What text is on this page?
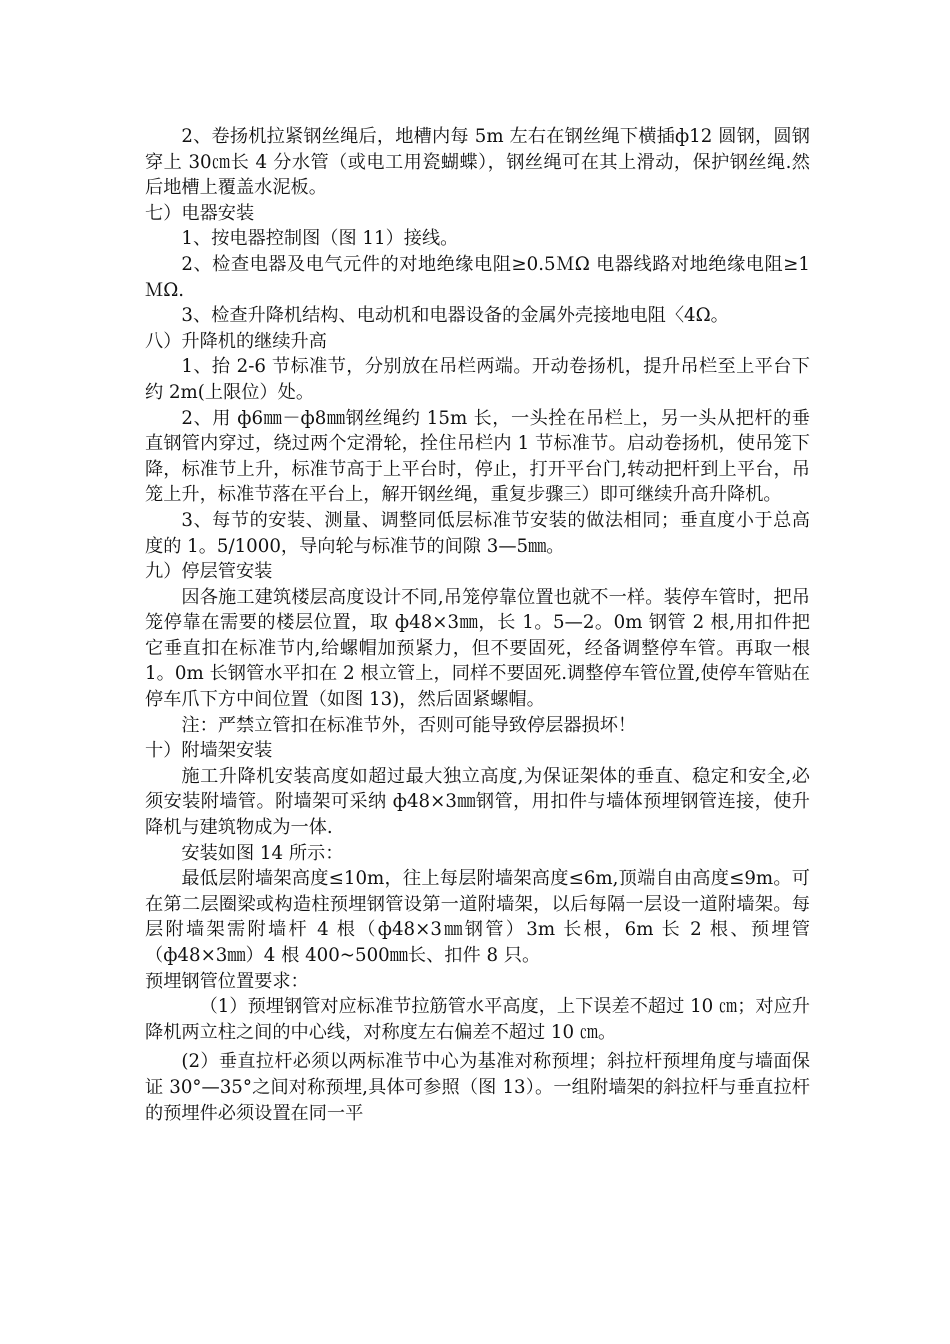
2、卷扬机拉紧钢丝绳后，地槽内每 5m 左右在钢丝绳下横插ф12 圆钢，圆钢穿上 30㎝长 4 分水管（或电工用瓷蝴蝶），钢丝绳可在其上滑动，保护钢丝绳.然后地槽上覆盖水泥板。

七）电器安装

1、按电器控制图（图 11）接线。

2、检查电器及电气元件的对地绝缘电阻≥0.5ＭΩ 电器线路对地绝缘电阻≥1ＭΩ.

3、检查升降机结构、电动机和电器设备的金属外壳接地电阻〈4Ω。

八）升降机的继续升高

1、抬 2-6 节标准节，分别放在吊栏两端。开动卷扬机，提升吊栏至上平台下约 2m(上限位）处。

2、用 ф6㎜－ф8㎜钢丝绳约 15m 长，一头拴在吊栏上，另一头从把杆的垂直钢管内穿过，绕过两个定滑轮，拴住吊栏内 1 节标准节。启动卷扬机，使吊笼下降，标准节上升，标准节高于上平台时，停止，打开平台门,转动把杆到上平台，吊笼上升，标准节落在平台上，解开钢丝绳，重复步骤三）即可继续升高升降机。

3、每节的安装、测量、调整同低层标准节安装的做法相同；垂直度小于总高度的 1。5/1000，导向轮与标准节的间隙 3—5㎜。

九）停层管安装

因各施工建筑楼层高度设计不同,吊笼停靠位置也就不一样。装停车管时，把吊笼停靠在需要的楼层位置，取 ф48×3㎜，长 1。5—2。0m 钢管 2 根,用扣件把它垂直扣在标准节内,给螺帽加预紧力，但不要固死，经备调整停车管。再取一根 1。0m 长钢管水平扣在 2 根立管上，同样不要固死.调整停车管位置,使停车管贴在停车爪下方中间位置（如图 13)，然后固紧螺帽。

注：严禁立管扣在标准节外，否则可能导致停层器损坏！

十）附墙架安装

施工升降机安装高度如超过最大独立高度,为保证架体的垂直、稳定和安全,必须安装附墙管。附墙架可采纳 ф48×3㎜钢管，用扣件与墙体预埋钢管连接，使升降机与建筑物成为一体.

安装如图 14 所示：

最低层附墙架高度≤10m，往上每层附墙架高度≤6m,顶端自由高度≤9m。可在第二层圈梁或构造柱预埋钢管设第一道附墙架，以后每隔一层设一道附墙架。每层附墙架需附墙杆 4 根（ф48×3㎜钢管）3m 长根，6m 长 2 根、预埋管（ф48×3㎜）4 根 400~500㎜长、扣件 8 只。

预埋钢管位置要求：

（1）预埋钢管对应标准节拉筋管水平高度，上下误差不超过 10 ㎝；对应升降机两立柱之间的中心线，对称度左右偏差不超过 10 ㎝。

(2）垂直拉杆必须以两标准节中心为基准对称预埋；斜拉杆预埋角度与墙面保证 30°—35°之间对称预埋,具体可参照（图 13）。一组附墙架的斜拉杆与垂直拉杆的预埋件必须设置在同一平
